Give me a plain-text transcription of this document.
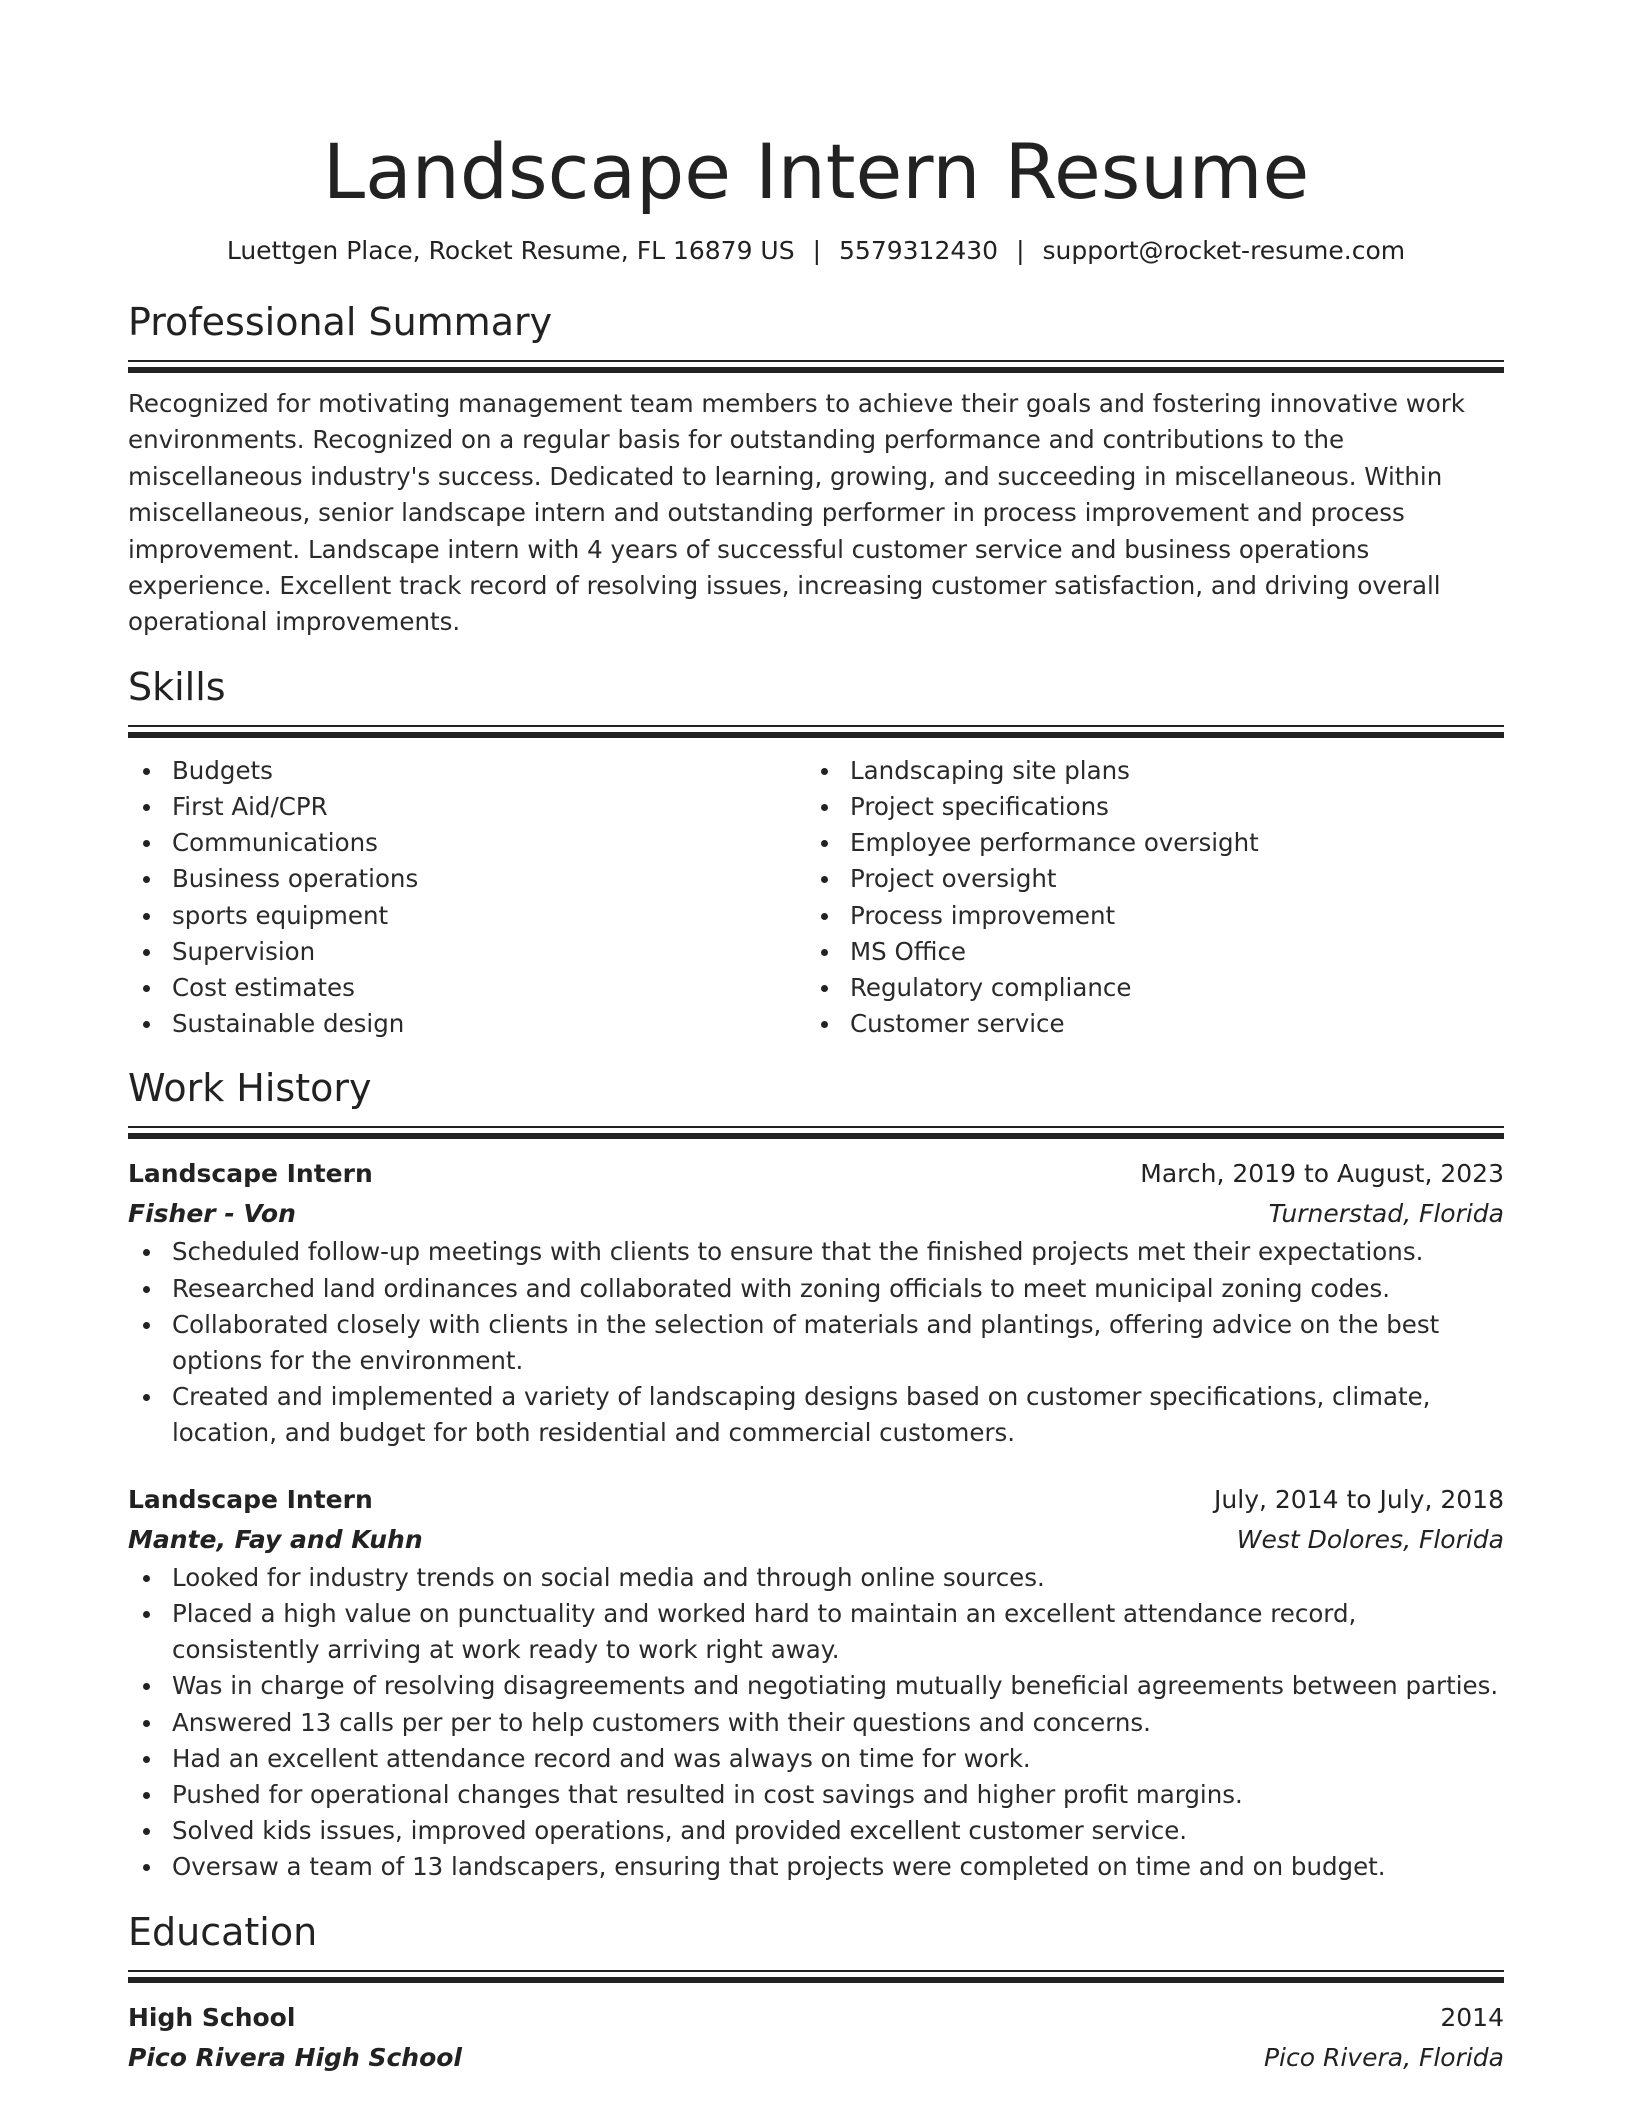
Landscape Intern Resume
Luettgen Place, Rocket Resume, FL 16879 US | 5579312430 | support@rocket-resume.com
Professional Summary
Recognized for motivating management team members to achieve their goals and fostering innovative work environments. Recognized on a regular basis for outstanding performance and contributions to the miscellaneous industry's success. Dedicated to learning, growing, and succeeding in miscellaneous. Within miscellaneous, senior landscape intern and outstanding performer in process improvement and process improvement. Landscape intern with 4 years of successful customer service and business operations experience. Excellent track record of resolving issues, increasing customer satisfaction, and driving overall operational improvements.
Skills
Budgets
First Aid/CPR
Communications
Business operations
sports equipment
Supervision
Cost estimates
Sustainable design
Landscaping site plans
Project specifications
Employee performance oversight
Project oversight
Process improvement
MS Office
Regulatory compliance
Customer service
Work History
Landscape Intern	March, 2019 to August, 2023
Fisher - Von	Turnerstad, Florida
Scheduled follow-up meetings with clients to ensure that the finished projects met their expectations.
Researched land ordinances and collaborated with zoning officials to meet municipal zoning codes.
Collaborated closely with clients in the selection of materials and plantings, offering advice on the best options for the environment.
Created and implemented a variety of landscaping designs based on customer specifications, climate, location, and budget for both residential and commercial customers.
Landscape Intern	July, 2014 to July, 2018
Mante, Fay and Kuhn	West Dolores, Florida
Looked for industry trends on social media and through online sources.
Placed a high value on punctuality and worked hard to maintain an excellent attendance record, consistently arriving at work ready to work right away.
Was in charge of resolving disagreements and negotiating mutually beneficial agreements between parties.
Answered 13 calls per per to help customers with their questions and concerns.
Had an excellent attendance record and was always on time for work.
Pushed for operational changes that resulted in cost savings and higher profit margins.
Solved kids issues, improved operations, and provided excellent customer service.
Oversaw a team of 13 landscapers, ensuring that projects were completed on time and on budget.
Education
High School	2014
Pico Rivera High School	Pico Rivera, Florida
